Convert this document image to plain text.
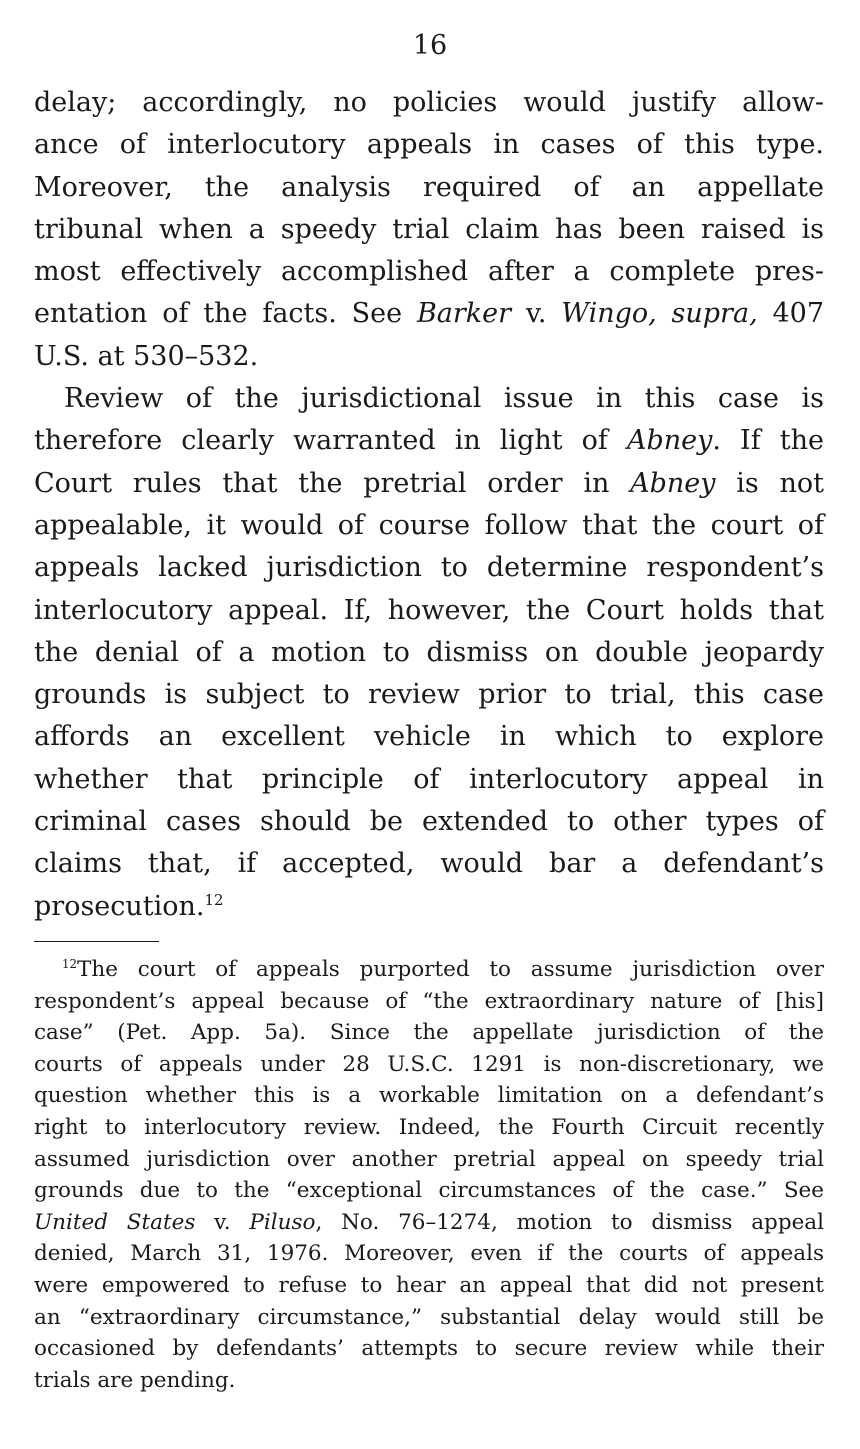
16
delay; accordingly, no policies would justify allow-
ance of interlocutory appeals in cases of this type.
Moreover, the analysis required of an appellate
tribunal when a speedy trial claim has been raised is
most effectively accomplished after a complete pres-
entation of the facts. See Barker v. Wingo, supra, 407
U.S. at 530–532.
Review of the jurisdictional issue in this case is
therefore clearly warranted in light of Abney. If the
Court rules that the pretrial order in Abney is not
appealable, it would of course follow that the court of
appeals lacked jurisdiction to determine respondent’s
interlocutory appeal. If, however, the Court holds that
the denial of a motion to dismiss on double jeopardy
grounds is subject to review prior to trial, this case
affords an excellent vehicle in which to explore
whether that principle of interlocutory appeal in
criminal cases should be extended to other types of
claims that, if accepted, would bar a defendant’s
prosecution.$^{12}$
$^{12}$The court of appeals purported to assume jurisdiction over
respondent’s appeal because of “the extraordinary nature of [his]
case” (Pet. App. 5a). Since the appellate jurisdiction of the
courts of appeals under 28 U.S.C. 1291 is non-discretionary, we
question whether this is a workable limitation on a defendant’s
right to interlocutory review. Indeed, the Fourth Circuit recently
assumed jurisdiction over another pretrial appeal on speedy trial
grounds due to the “exceptional circumstances of the case.” See
United States v. Piluso, No. 76–1274, motion to dismiss appeal
denied, March 31, 1976. Moreover, even if the courts of appeals
were empowered to refuse to hear an appeal that did not present
an “extraordinary circumstance,” substantial delay would still be
occasioned by defendants’ attempts to secure review while their
trials are pending.
